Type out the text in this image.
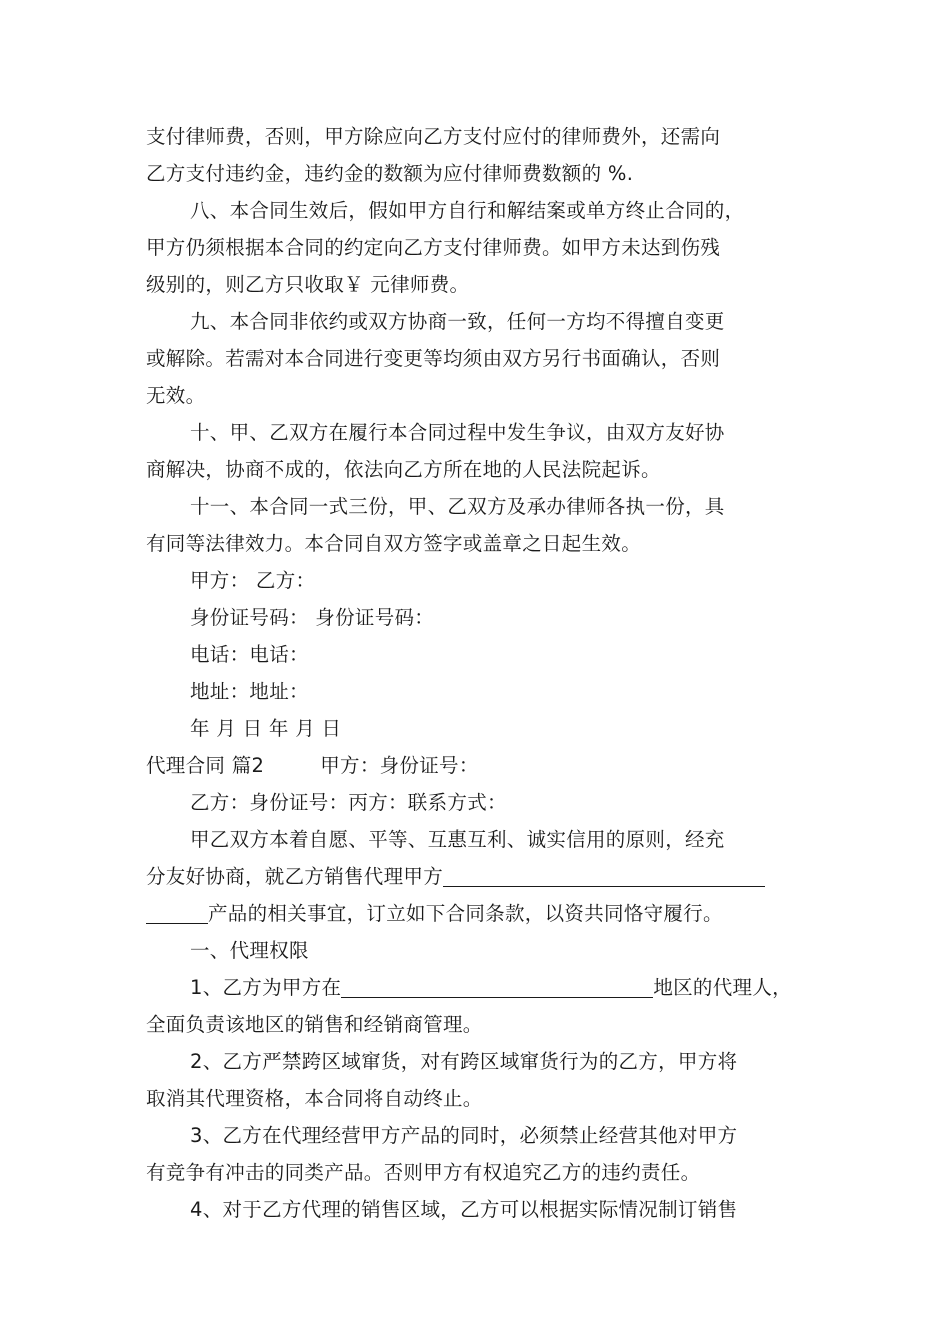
支付律师费，否则，甲方除应向乙方支付应付的律师费外，还需向
乙方支付违约金，违约金的数额为应付律师费数额的 %.
八、本合同生效后，假如甲方自行和解结案或单方终止合同的，
甲方仍须根据本合同的约定向乙方支付律师费。如甲方未达到伤残
级别的，则乙方只收取￥ 元律师费。
九、本合同非依约或双方协商一致，任何一方均不得擅自变更
或解除。若需对本合同进行变更等均须由双方另行书面确认，否则
无效。
十、甲、乙双方在履行本合同过程中发生争议，由双方友好协
商解决，协商不成的，依法向乙方所在地的人民法院起诉。
十一、本合同一式三份，甲、乙双方及承办律师各执一份，具
有同等法律效力。本合同自双方签字或盖章之日起生效。
甲方： 乙方：
身份证号码： 身份证号码：
电话：电话：
地址：地址：
年 月 日 年 月 日
代理合同 篇2	甲方：身份证号：
乙方：身份证号：丙方：联系方式：
甲乙双方本着自愿、平等、互惠互利、诚实信用的原则，经充
分友好协商，就乙方销售代理甲方
产品的相关事宜，订立如下合同条款，以资共同恪守履行。
一、代理权限
1、乙方为甲方在	地区的代理人，
全面负责该地区的销售和经销商管理。
2、乙方严禁跨区域窜货，对有跨区域窜货行为的乙方，甲方将
取消其代理资格，本合同将自动终止。
3、乙方在代理经营甲方产品的同时，必须禁止经营其他对甲方
有竞争有冲击的同类产品。否则甲方有权追究乙方的违约责任。
4、对于乙方代理的销售区域，乙方可以根据实际情况制订销售
